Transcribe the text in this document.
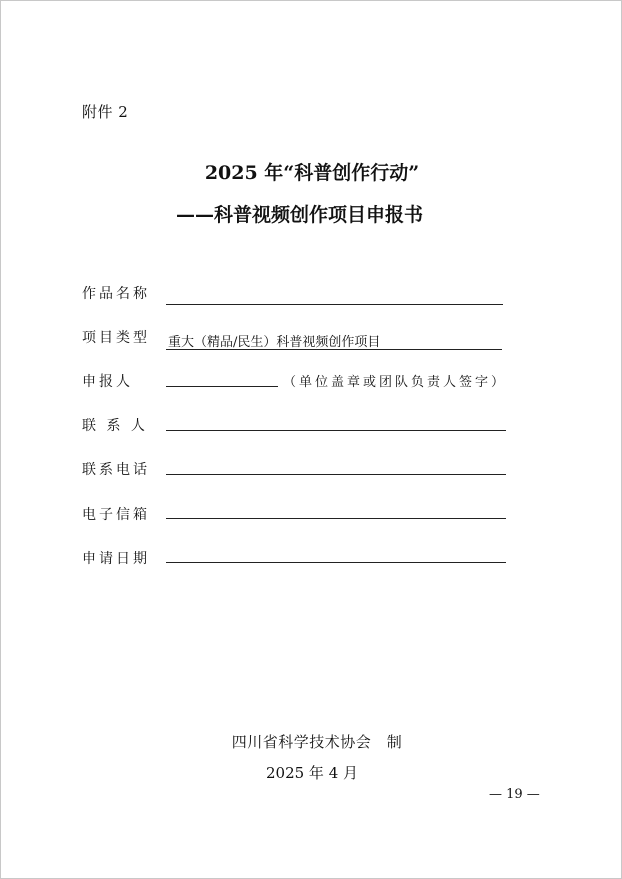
附件 2
2025 年“科普创作行动”
——科普视频创作项目申报书
作品名称
项目类型 重大（精品/民生）科普视频创作项目
申报人	（单位盖章或团队负责人签字）
联 系 人
联系电话
电子信箱
申请日期
四川省科学技术协会　制
2025 年 4 月
— 19 —
